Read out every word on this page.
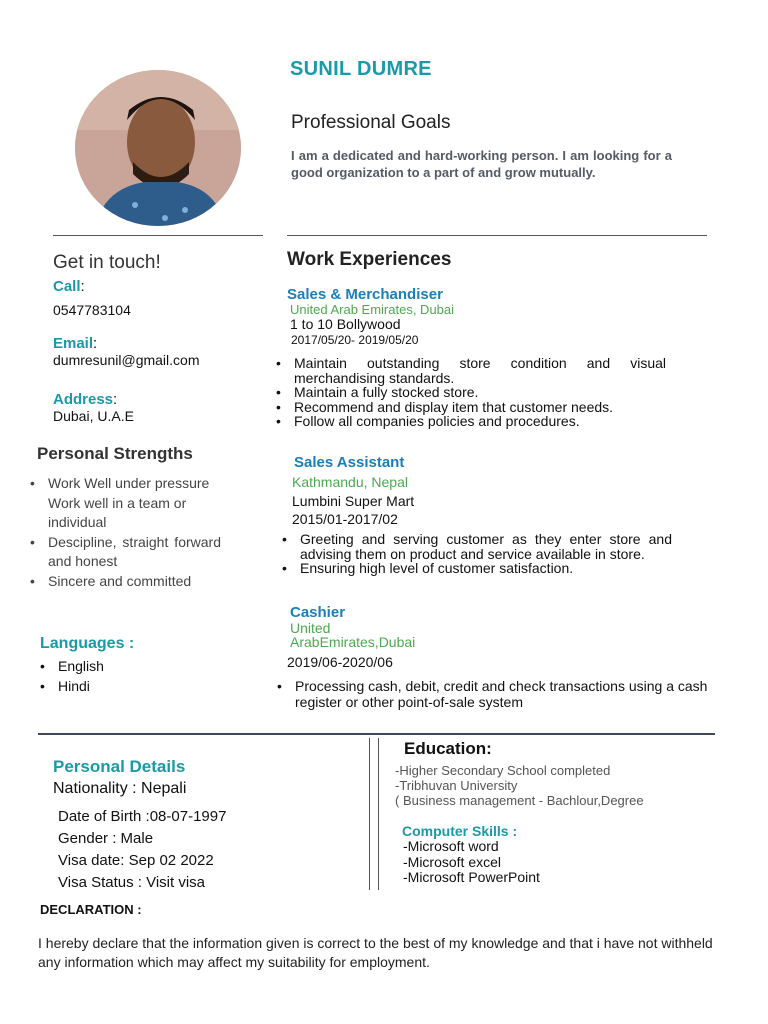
SUNIL DUMRE
Professional Goals
I am a dedicated and hard-working person. I am looking for a good organization to a part of and grow mutually.
Get in touch!
Call:
0547783104
Email:
dumresunil@gmail.com
Address:
Dubai, U.A.E
Personal Strengths
• Work Well under pressure Work well in a team or individual
• Descipline, straight forward and honest
• Sincere and committed
Languages :
• English
• Hindi
Work Experiences
Sales & Merchandiser
United Arab Emirates, Dubai
1 to 10 Bollywood
2017/05/20- 2019/05/20
• Maintain outstanding store condition and visual merchandising standards.
• Maintain a fully stocked store.
• Recommend and display item that customer needs.
• Follow all companies policies and procedures.
Sales Assistant
Kathmandu, Nepal
Lumbini Super Mart
2015/01-2017/02
• Greeting and serving customer as they enter store and advising them on product and service available in store.
• Ensuring high level of customer satisfaction.
Cashier
United
ArabEmirates,Dubai
2019/06-2020/06
• Processing cash, debit, credit and check transactions using a cash register or other point-of-sale system
Personal Details
Nationality : Nepali
Date of Birth :08-07-1997
Gender : Male
Visa date: Sep 02 2022
Visa Status : Visit visa
Education:
-Higher Secondary School completed
-Tribhuvan University
( Business management - Bachlour,Degree
Computer Skills :
-Microsoft word
-Microsoft excel
-Microsoft PowerPoint
DECLARATION :
I hereby declare that the information given is correct to the best of my knowledge and that i have not withheld any information which may affect my suitability for employment.
